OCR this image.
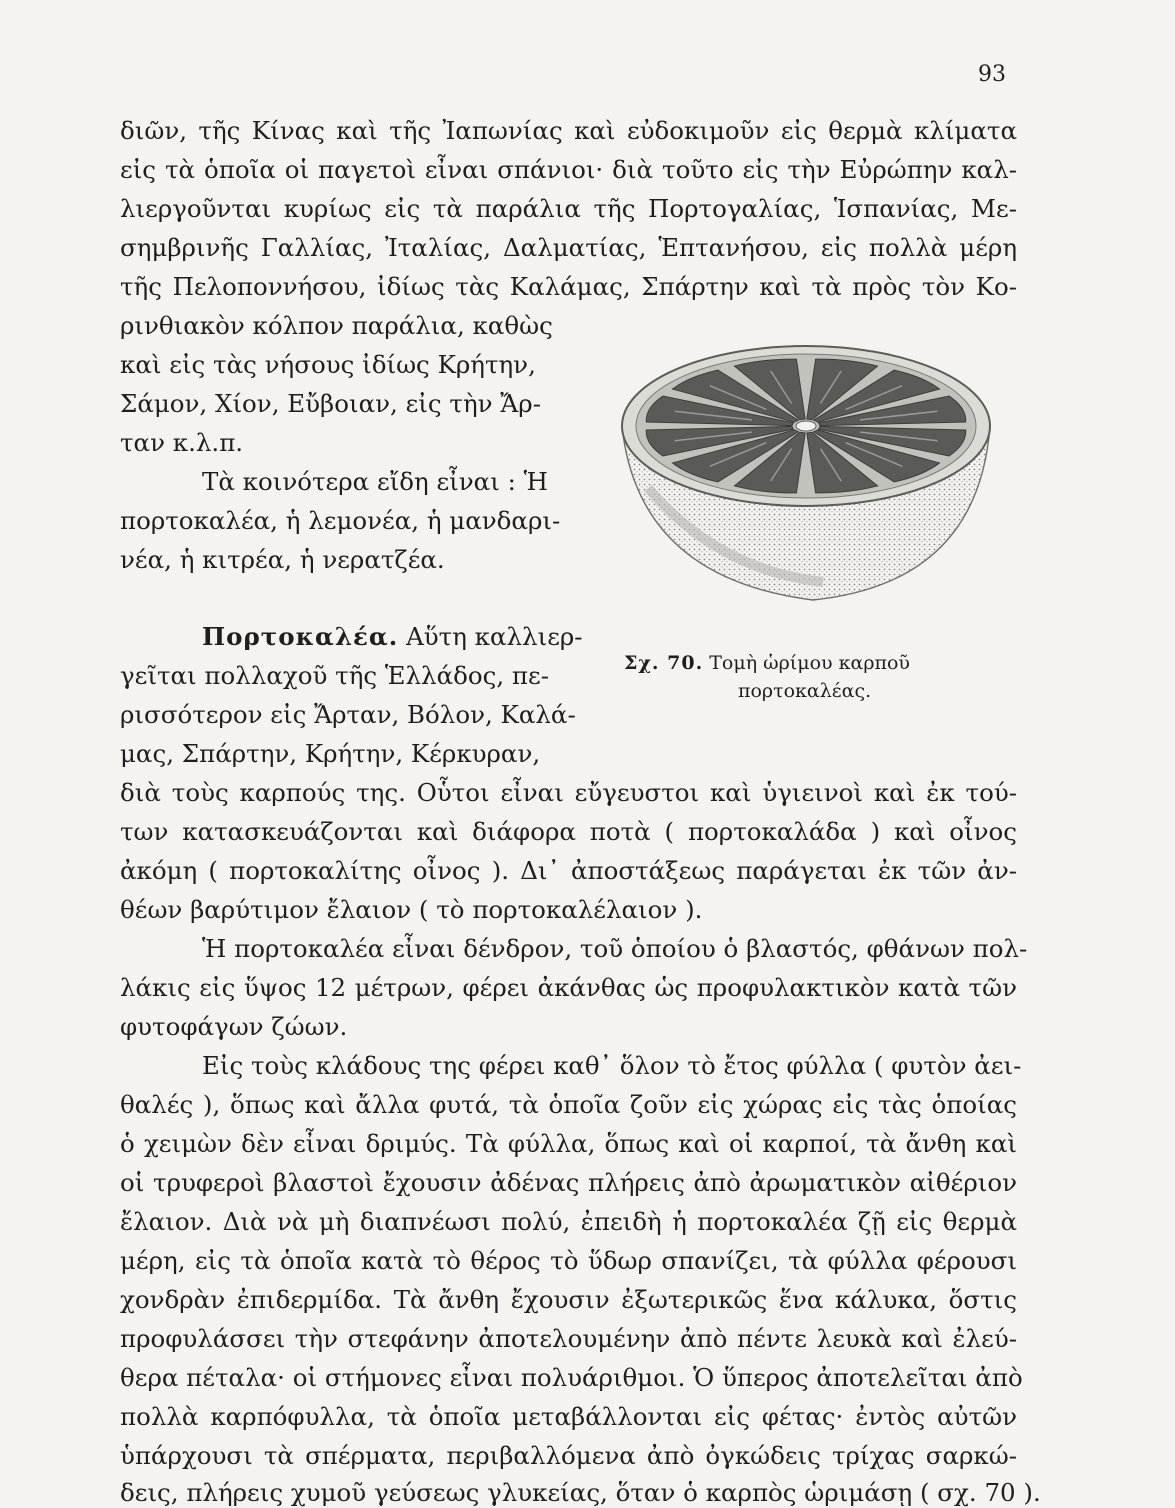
93
διῶν, τῆς Κίνας καὶ τῆς Ἰαπωνίας καὶ εὐδοκιμοῦν εἰς θερμὰ κλίματα
εἰς τὰ ὁποῖα οἱ παγετοὶ εἶναι σπάνιοι· διὰ τοῦτο εἰς τὴν Εὐρώπην καλ-
λιεργοῦνται κυρίως εἰς τὰ παράλια τῆς Πορτογαλίας, Ἱσπανίας, Με-
σημβρινῆς Γαλλίας, Ἰταλίας, Δαλματίας, Ἑπτανήσου, εἰς πολλὰ μέρη
τῆς Πελοποννήσου, ἰδίως τὰς Καλάμας, Σπάρτην καὶ τὰ πρὸς τὸν Κο-
ρινθιακὸν κόλπον παράλια, καθὼς
καὶ εἰς τὰς νήσους ἰδίως Κρήτην,
Σάμον, Χίον, Εὔβοιαν, εἰς τὴν Ἄρ-
ταν κ.λ.π.
Τὰ κοινότερα εἴδη εἶναι : Ἡ
πορτοκαλέα, ἡ λεμονέα, ἡ μανδαρι-
νέα, ἡ κιτρέα, ἡ νερατζέα.
Πορτοκαλέα. Αὕτη καλλιερ-
γεῖται πολλαχοῦ τῆς Ἑλλάδος, πε-
ρισσότερον εἰς Ἄρταν, Βόλον, Καλά-
μας, Σπάρτην, Κρήτην, Κέρκυραν,
διὰ τοὺς καρπούς της. Οὗτοι εἶναι εὔγευστοι καὶ ὑγιεινοὶ καὶ ἐκ τού-
των κατασκευάζονται καὶ διάφορα ποτὰ ( πορτοκαλάδα ) καὶ οἶνος
ἀκόμη ( πορτοκαλίτης οἶνος ). Δι᾽ ἀποστάξεως παράγεται ἐκ τῶν ἀν-
θέων βαρύτιμον ἔλαιον ( τὸ πορτοκαλέλαιον ).
Ἡ πορτοκαλέα εἶναι δένδρον, τοῦ ὁποίου ὁ βλαστός, φθάνων πολ-
λάκις εἰς ὕψος 12 μέτρων, φέρει ἀκάνθας ὡς προφυλακτικὸν κατὰ τῶν
φυτοφάγων ζώων.
Εἰς τοὺς κλάδους της φέρει καθ᾽ ὅλον τὸ ἔτος φύλλα ( φυτὸν ἀει-
θαλές ), ὅπως καὶ ἄλλα φυτά, τὰ ὁποῖα ζοῦν εἰς χώρας εἰς τὰς ὁποίας
ὁ χειμὼν δὲν εἶναι δριμύς. Τὰ φύλλα, ὅπως καὶ οἱ καρποί, τὰ ἄνθη καὶ
οἱ τρυφεροὶ βλαστοὶ ἔχουσιν ἀδένας πλήρεις ἀπὸ ἀρωματικὸν αἰθέριον
ἔλαιον. Διὰ νὰ μὴ διαπνέωσι πολύ, ἐπειδὴ ἡ πορτοκαλέα ζῇ εἰς θερμὰ
μέρη, εἰς τὰ ὁποῖα κατὰ τὸ θέρος τὸ ὕδωρ σπανίζει, τὰ φύλλα φέρουσι
χονδρὰν ἐπιδερμίδα. Τὰ ἄνθη ἔχουσιν ἐξωτερικῶς ἕνα κάλυκα, ὅστις
προφυλάσσει τὴν στεφάνην ἀποτελουμένην ἀπὸ πέντε λευκὰ καὶ ἐλεύ-
θερα πέταλα· οἱ στήμονες εἶναι πολυάριθμοι. Ὁ ὕπερος ἀποτελεῖται ἀπὸ
πολλὰ καρπόφυλλα, τὰ ὁποῖα μεταβάλλονται εἰς φέτας· ἐντὸς αὐτῶν
ὑπάρχουσι τὰ σπέρματα, περιβαλλόμενα ἀπὸ ὀγκώδεις τρίχας σαρκώ-
δεις, πλήρεις χυμοῦ γεύσεως γλυκείας, ὅταν ὁ καρπὸς ὡριμάσῃ ( σχ. 70 ).
Σχ. 70. Τομὴ ὡρίμου καρποῦ
πορτοκαλέας.
